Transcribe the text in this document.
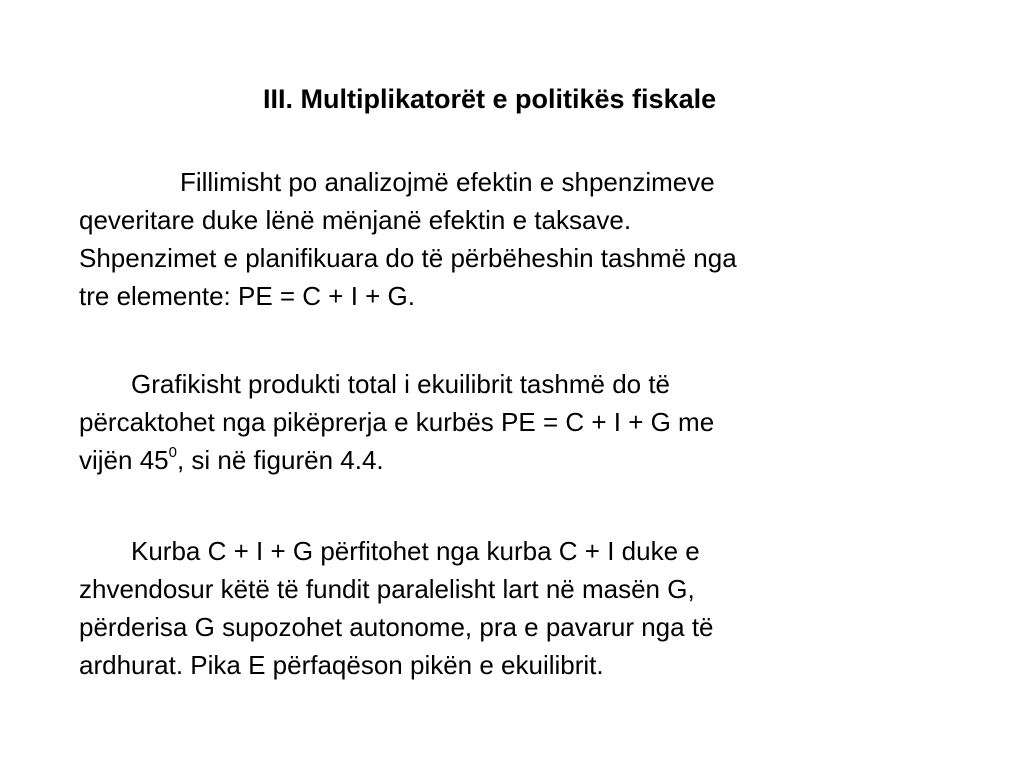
III. Multiplikatorët e politikës fiskale
Fillimisht po analizojmë efektin e shpenzimeve
qeveritare duke lënë mënjanë efektin e taksave.
Shpenzimet e planifikuara do të përbëheshin tashmë nga
tre elemente: PE = C + I + G.
Grafikisht produkti total i ekuilibrit tashmë do të
përcaktohet nga pikëprerja e kurbës PE = C + I + G me
vijën $45^0$, si në figurën 4.4.
Kurba C + I + G përfitohet nga kurba C + I duke e
zhvendosur këtë të fundit paralelisht lart në masën G,
përderisa G supozohet autonome, pra e pavarur nga të
ardhurat. Pika E përfaqëson pikën e ekuilibrit.
